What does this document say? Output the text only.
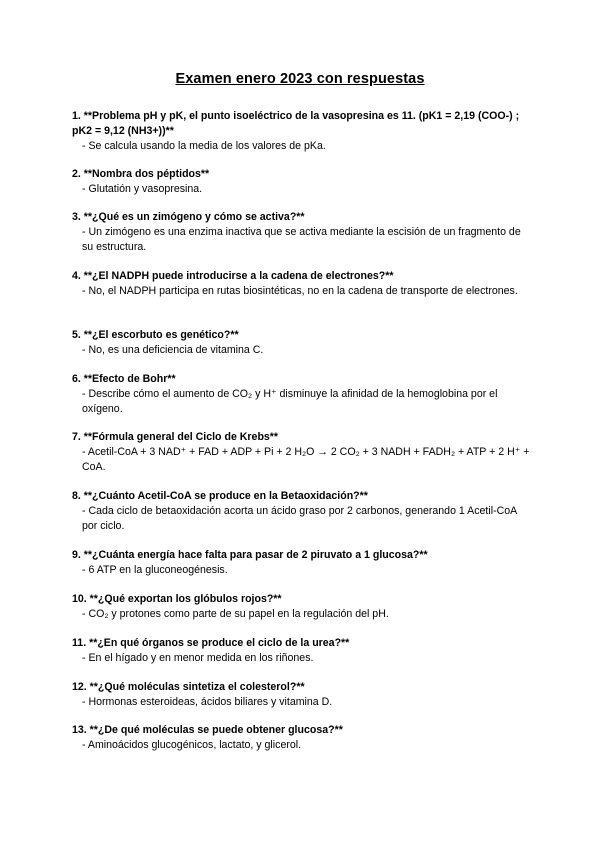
Examen enero 2023 con respuestas
1. **Problema pH y pK, el punto isoeléctrico de la vasopresina es 11. (pK1 = 2,19 (COO-) ; pK2 = 9,12 (NH3+))**
- Se calcula usando la media de los valores de pKa.
2. **Nombra dos péptidos**
- Glutatión y vasopresina.
3. **¿Qué es un zimógeno y cómo se activa?**
- Un zimógeno es una enzima inactiva que se activa mediante la escisión de un fragmento de su estructura.
4. **¿El NADPH puede introducirse a la cadena de electrones?**
- No, el NADPH participa en rutas biosintéticas, no en la cadena de transporte de electrones.
5. **¿El escorbuto es genético?**
- No, es una deficiencia de vitamina C.
6. **Efecto de Bohr**
- Describe cómo el aumento de CO₂ y H⁺ disminuye la afinidad de la hemoglobina por el oxígeno.
7. **Fórmula general del Ciclo de Krebs**
- Acetil-CoA + 3 NAD⁺ + FAD + ADP + Pi + 2 H₂O → 2 CO₂ + 3 NADH + FADH₂ + ATP + 2 H⁺ + CoA.
8. **¿Cuánto Acetil-CoA se produce en la Betaoxidación?**
- Cada ciclo de betaoxidación acorta un ácido graso por 2 carbonos, generando 1 Acetil-CoA por ciclo.
9. **¿Cuánta energía hace falta para pasar de 2 piruvato a 1 glucosa?**
- 6 ATP en la gluconeogénesis.
10. **¿Qué exportan los glóbulos rojos?**
- CO₂ y protones como parte de su papel en la regulación del pH.
11. **¿En qué órganos se produce el ciclo de la urea?**
- En el hígado y en menor medida en los riñones.
12. **¿Qué moléculas sintetiza el colesterol?**
- Hormonas esteroideas, ácidos biliares y vitamina D.
13. **¿De qué moléculas se puede obtener glucosa?**
- Aminoácidos glucogénicos, lactato, y glicerol.
